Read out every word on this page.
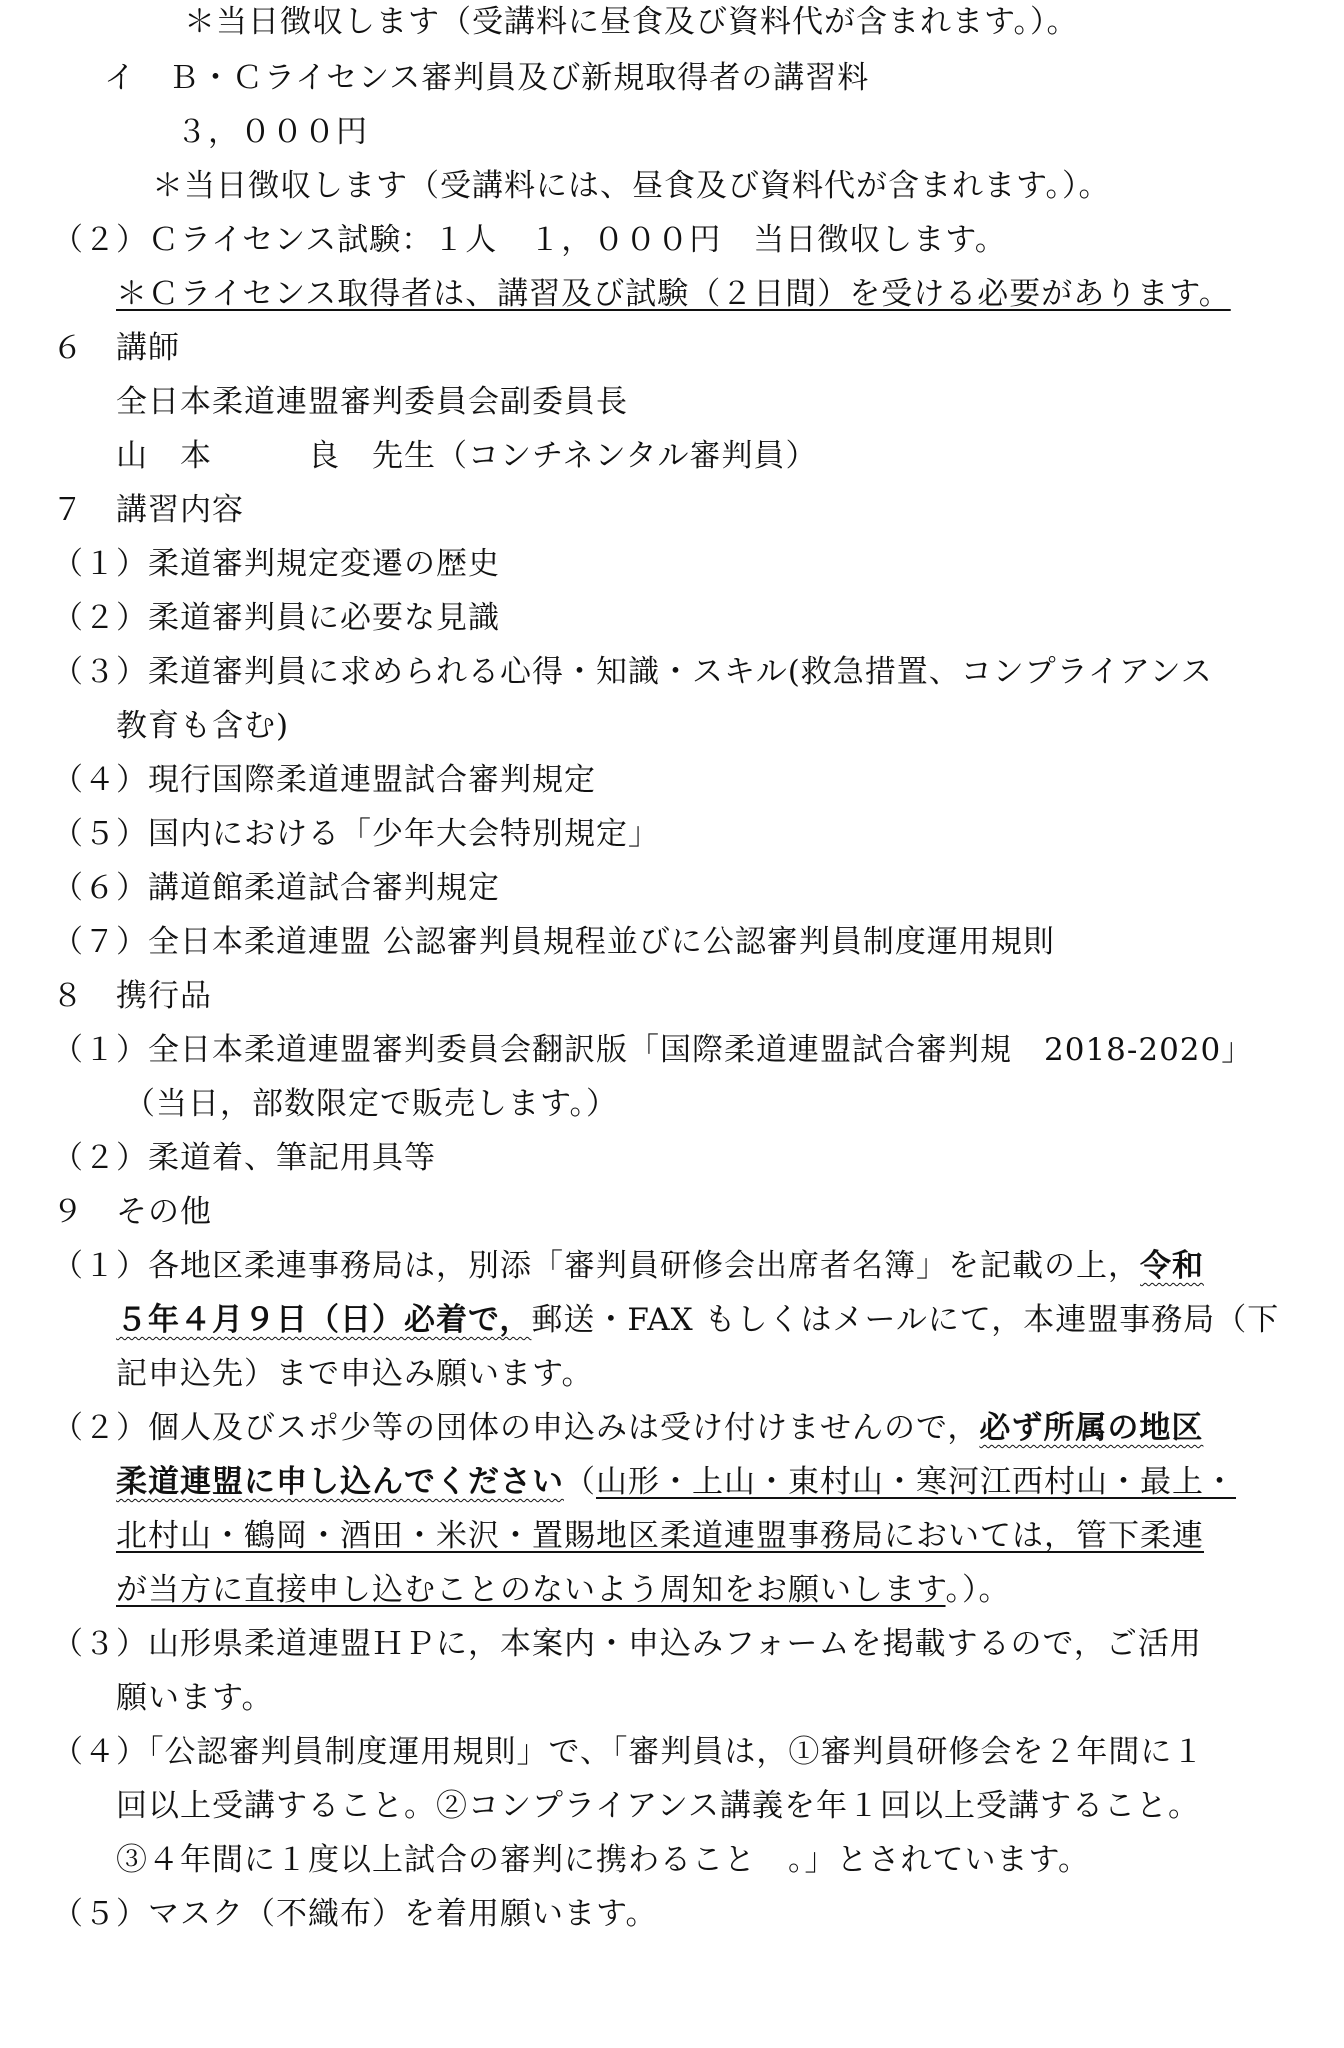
＊当日徴収します（受講料に昼食及び資料代が含まれます。）。
イ　Ｂ・Ｃライセンス審判員及び新規取得者の講習料
３，０００円
＊当日徴収します（受講料には、昼食及び資料代が含まれます。）。
（２）Ｃライセンス試験：１人　１，０００円　当日徴収します。
＊Ｃライセンス取得者は、講習及び試験（２日間）を受ける必要があります。
６　講師
全日本柔道連盟審判委員会副委員長
山　本　　　良　先生（コンチネンタル審判員）
７　講習内容
（１）柔道審判規定変遷の歴史
（２）柔道審判員に必要な見識
（３）柔道審判員に求められる心得・知識・スキル(救急措置、コンプライアンス
教育も含む)
（４）現行国際柔道連盟試合審判規定
（５）国内における「少年大会特別規定」
（６）講道館柔道試合審判規定
（７）全日本柔道連盟 公認審判員規程並びに公認審判員制度運用規則
８　携行品
（１）全日本柔道連盟審判委員会翻訳版「国際柔道連盟試合審判規　2018-2020」
（当日，部数限定で販売します。）
（２）柔道着、筆記用具等
９　その他
（１）各地区柔連事務局は，別添「審判員研修会出席者名簿」を記載の上，令和
５年４月９日（日）必着で，郵送・FAX もしくはメールにて，本連盟事務局（下
記申込先）まで申込み願います。
（２）個人及びスポ少等の団体の申込みは受け付けませんので，必ず所属の地区
柔道連盟に申し込んでください（山形・上山・東村山・寒河江西村山・最上・
北村山・鶴岡・酒田・米沢・置賜地区柔道連盟事務局においては，管下柔連
が当方に直接申し込むことのないよう周知をお願いします。）。
（３）山形県柔道連盟ＨＰに，本案内・申込みフォームを掲載するので，ご活用
願います。
（４）「公認審判員制度運用規則」で、「審判員は，①審判員研修会を２年間に１
回以上受講すること。②コンプライアンス講義を年１回以上受講すること。
③４年間に１度以上試合の審判に携わること　。」とされています。
（５）マスク（不織布）を着用願います。
